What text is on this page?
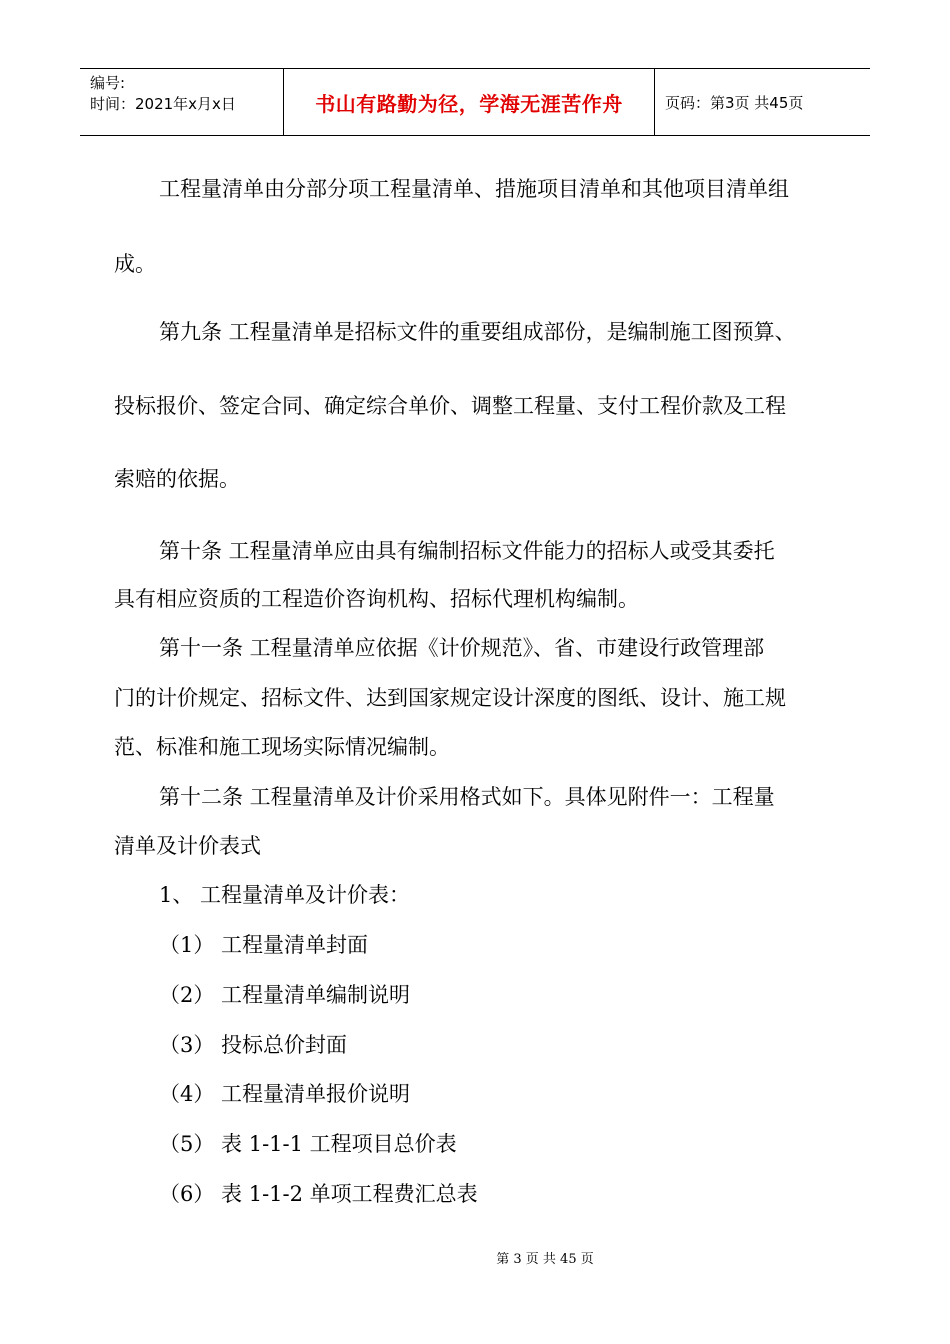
编号:
时间：2021年x月x日	书山有路勤为径，学海无涯苦作舟	页码：第3页 共45页
工程量清单由分部分项工程量清单、措施项目清单和其他项目清单组
成。
第九条 工程量清单是招标文件的重要组成部份，是编制施工图预算、
投标报价、签定合同、确定综合单价、调整工程量、支付工程价款及工程
索赔的依据。
第十条 工程量清单应由具有编制招标文件能力的招标人或受其委托
具有相应资质的工程造价咨询机构、招标代理机构编制。
第十一条 工程量清单应依据《计价规范》、省、市建设行政管理部
门的计价规定、招标文件、达到国家规定设计深度的图纸、设计、施工规
范、标准和施工现场实际情况编制。
第十二条 工程量清单及计价采用格式如下。具体见附件一：工程量
清单及计价表式
1、 工程量清单及计价表：
（1） 工程量清单封面
（2） 工程量清单编制说明
（3） 投标总价封面
（4） 工程量清单报价说明
（5） 表 1-1-1 工程项目总价表
（6） 表 1-1-2 单项工程费汇总表
第 3 页 共 45 页
